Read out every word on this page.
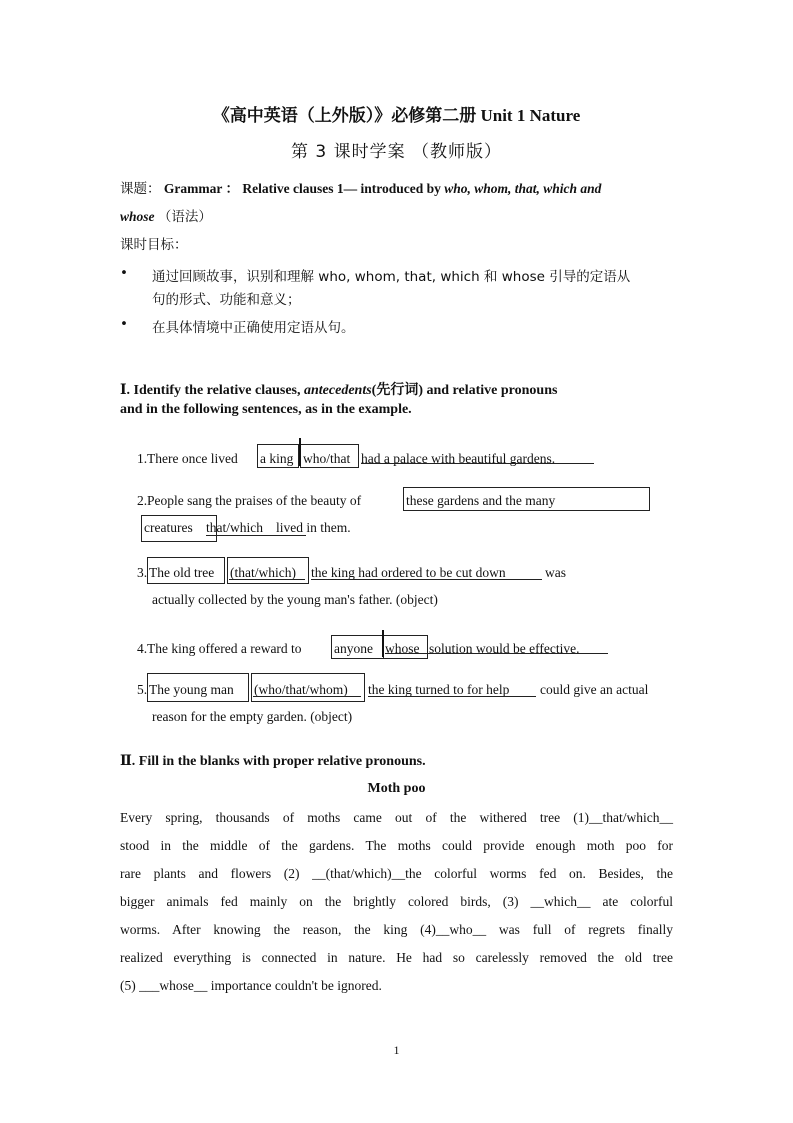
《高中英语（上外版）》必修第二册 Unit 1 Nature
第 3 课时学案 （教师版）
课题： Grammar ： Relative clauses 1— introduced by who, whom, that, which and
whose （语法）
课时目标：
• 通过回顾故事，识别和理解 who, whom, that, which 和 whose 引导的定语从
句的形式、功能和意义；
• 在具体情境中正确使用定语从句。
Ⅰ. Identify the relative clauses, antecedents(先行词) and relative pronouns
and in the following sentences, as in the example.
1. There once lived a king who/that had a palace with beautiful gardens.
2. People sang the praises of the beauty of	these gardens and the many
creatures that/which lived in them.
3. The old tree (that/which) the king had ordered to be cut down	was
actually collected by the young man's father. (object)
4. The king offered a reward to anyone whose solution would be effective.
5. The young man (who/that/whom) the king turned to for help could give an actual
reason for the empty garden. (object)
Ⅱ. Fill in the blanks with proper relative pronouns.
Moth poo
Every spring, thousands of moths came out of the withered tree (1)__that/which__
stood in the middle of the gardens. The moths could provide enough moth poo for
rare plants and flowers (2) __(that/which)__the colorful worms fed on. Besides, the
bigger animals fed mainly on the brightly colored birds, (3) __which__ ate colorful
worms. After knowing the reason, the king (4)__who__ was full of regrets finally
realized everything is connected in nature. He had so carelessly removed the old tree
(5) ___whose__ importance couldn't be ignored.
1
